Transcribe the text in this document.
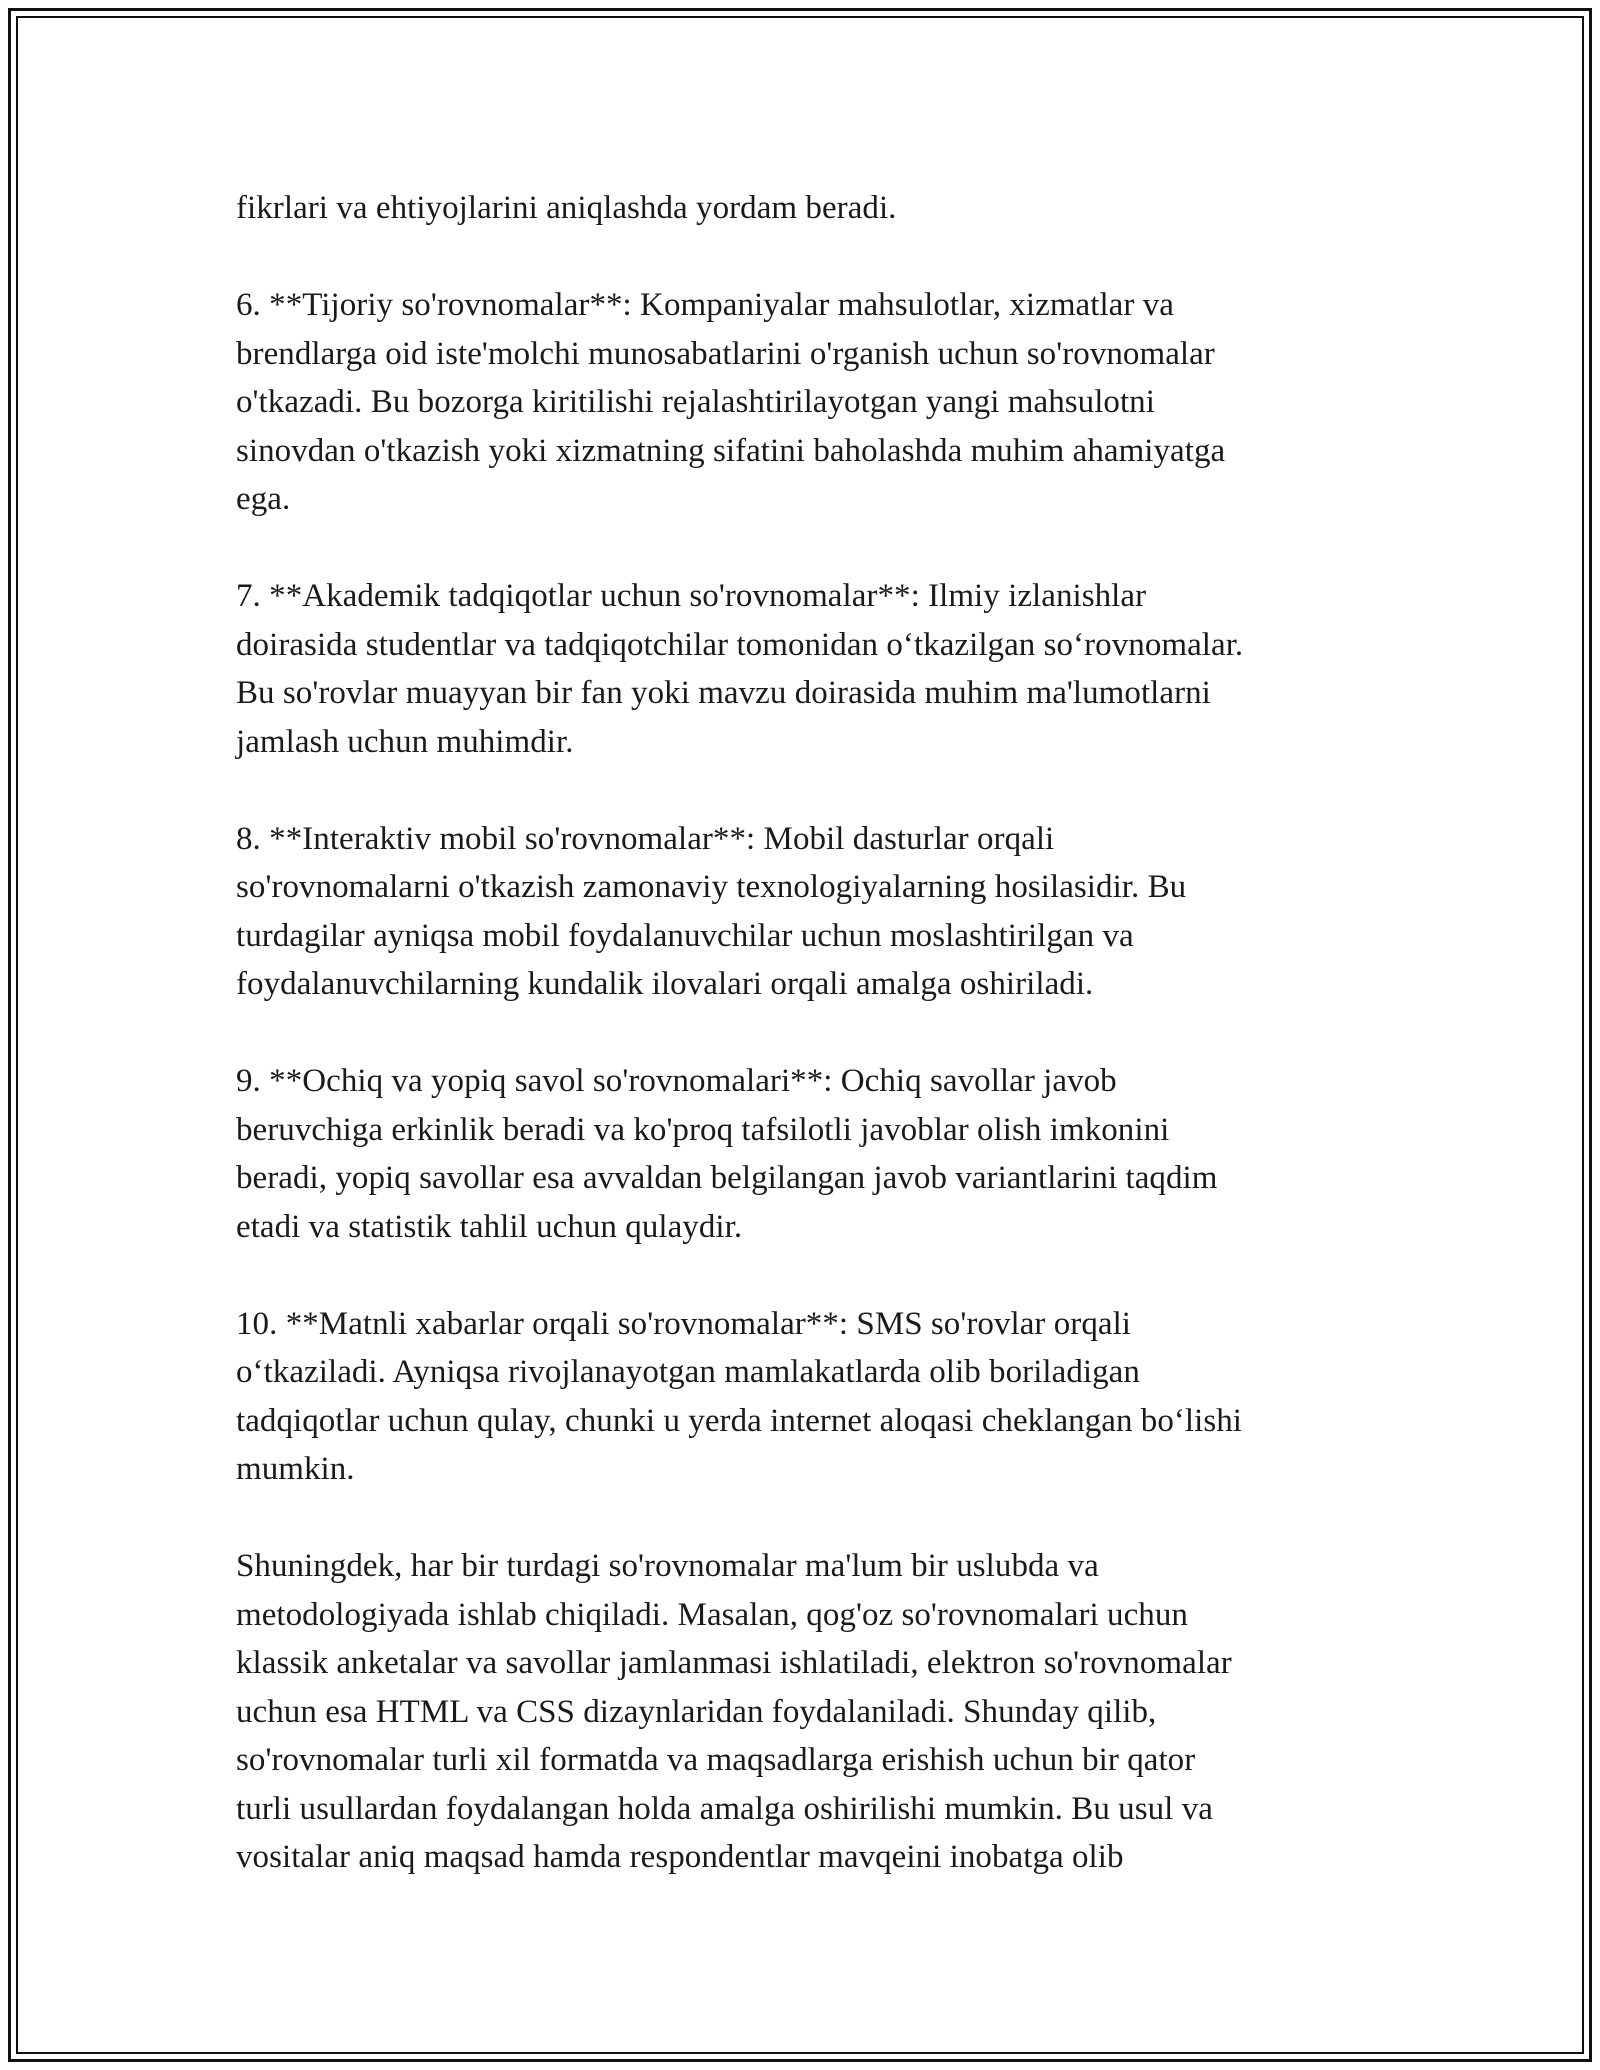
fikrlari va ehtiyojlarini aniqlashda yordam beradi.
6. **Tijoriy so'rovnomalar**: Kompaniyalar mahsulotlar, xizmatlar va
brendlarga oid iste'molchi munosabatlarini o'rganish uchun so'rovnomalar
o'tkazadi. Bu bozorga kiritilishi rejalashtirilayotgan yangi mahsulotni
sinovdan o'tkazish yoki xizmatning sifatini baholashda muhim ahamiyatga
ega.
7. **Akademik tadqiqotlar uchun so'rovnomalar**: Ilmiy izlanishlar
doirasida studentlar va tadqiqotchilar tomonidan o‘tkazilgan so‘rovnomalar.
Bu so'rovlar muayyan bir fan yoki mavzu doirasida muhim ma'lumotlarni
jamlash uchun muhimdir.
8. **Interaktiv mobil so'rovnomalar**: Mobil dasturlar orqali
so'rovnomalarni o'tkazish zamonaviy texnologiyalarning hosilasidir. Bu
turdagilar ayniqsa mobil foydalanuvchilar uchun moslashtirilgan va
foydalanuvchilarning kundalik ilovalari orqali amalga oshiriladi.
9. **Ochiq va yopiq savol so'rovnomalari**: Ochiq savollar javob
beruvchiga erkinlik beradi va ko'proq tafsilotli javoblar olish imkonini
beradi, yopiq savollar esa avvaldan belgilangan javob variantlarini taqdim
etadi va statistik tahlil uchun qulaydir.
10. **Matnli xabarlar orqali so'rovnomalar**: SMS so'rovlar orqali
o‘tkaziladi. Ayniqsa rivojlanayotgan mamlakatlarda olib boriladigan
tadqiqotlar uchun qulay, chunki u yerda internet aloqasi cheklangan bo‘lishi
mumkin.
Shuningdek, har bir turdagi so'rovnomalar ma'lum bir uslubda va
metodologiyada ishlab chiqiladi. Masalan, qog'oz so'rovnomalari uchun
klassik anketalar va savollar jamlanmasi ishlatiladi, elektron so'rovnomalar
uchun esa HTML va CSS dizaynlaridan foydalaniladi. Shunday qilib,
so'rovnomalar turli xil formatda va maqsadlarga erishish uchun bir qator
turli usullardan foydalangan holda amalga oshirilishi mumkin. Bu usul va
vositalar aniq maqsad hamda respondentlar mavqeini inobatga olib
